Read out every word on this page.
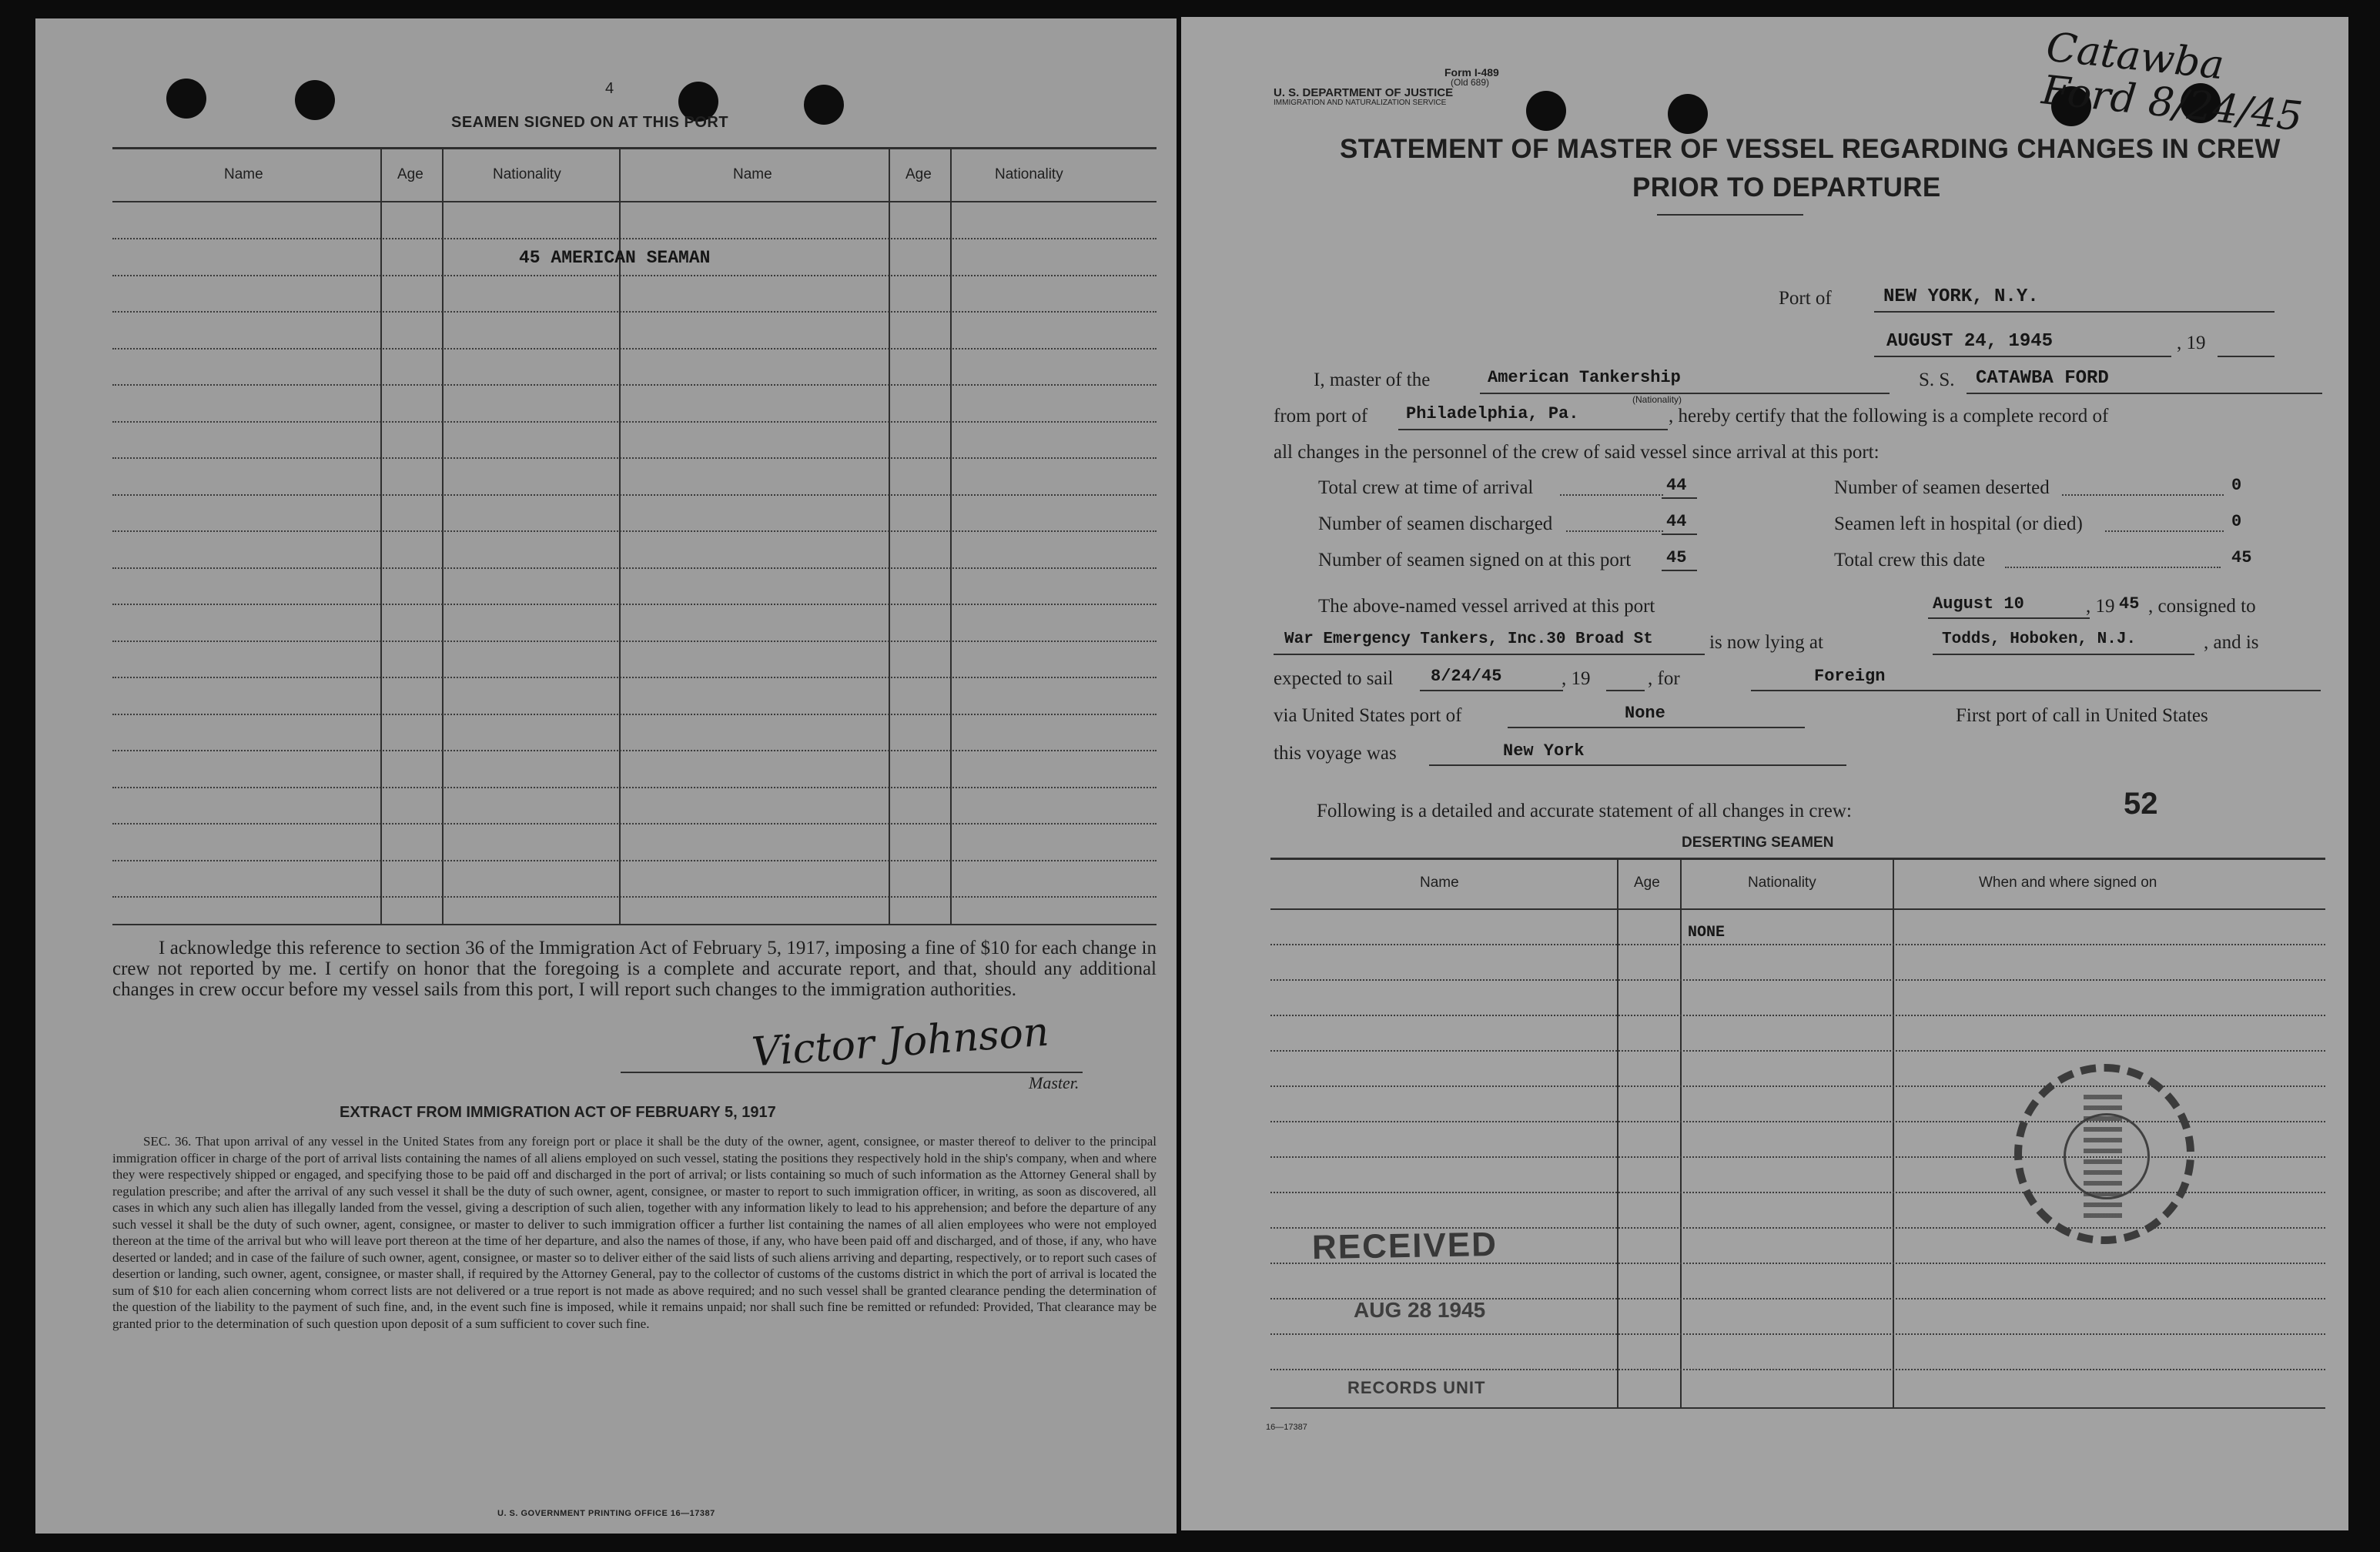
4
SEAMEN SIGNED ON AT THIS PORT
Name	Age	Nationality	Name	Age	Nationality
45 AMERICAN SEAMAN
I acknowledge this reference to section 36 of the Immigration Act of February 5, 1917, imposing a fine of $10 for each change in crew not reported by me. I certify on honor that the foregoing is a complete and accurate report, and that, should any additional changes in crew occur before my vessel sails from this port, I will report such changes to the immigration authorities.
Victor Johnson
Master.
EXTRACT FROM IMMIGRATION ACT OF FEBRUARY 5, 1917
SEC. 36. That upon arrival of any vessel in the United States from any foreign port or place it shall be the duty of the owner, agent, consignee, or master thereof to deliver to the principal immigration officer in charge of the port of arrival lists containing the names of all aliens employed on such vessel, stating the positions they respectively hold in the ship's company, when and where they were respectively shipped or engaged, and specifying those to be paid off and discharged in the port of arrival; or lists containing so much of such information as the Attorney General shall by regulation prescribe; and after the arrival of any such vessel it shall be the duty of such owner, agent, consignee, or master to report to such immigration officer, in writing, as soon as discovered, all cases in which any such alien has illegally landed from the vessel, giving a description of such alien, together with any information likely to lead to his apprehension; and before the departure of any such vessel it shall be the duty of such owner, agent, consignee, or master to deliver to such immigration officer a further list containing the names of all alien employees who were not employed thereon at the time of the arrival but who will leave port thereon at the time of her departure, and also the names of those, if any, who have been paid off and discharged, and of those, if any, who have deserted or landed; and in case of the failure of such owner, agent, consignee, or master so to deliver either of the said lists of such aliens arriving and departing, respectively, or to report such cases of desertion or landing, such owner, agent, consignee, or master shall, if required by the Attorney General, pay to the collector of customs of the customs district in which the port of arrival is located the sum of $10 for each alien concerning whom correct lists are not delivered or a true report is not made as above required; and no such vessel shall be granted clearance pending the determination of the question of the liability to the payment of such fine, and, in the event such fine is imposed, while it remains unpaid; nor shall such fine be remitted or refunded: Provided, That clearance may be granted prior to the determination of such question upon deposit of a sum sufficient to cover such fine.
U. S. GOVERNMENT PRINTING OFFICE 16—17387
Form I-489
(Old 689)
U. S. DEPARTMENT OF JUSTICE
IMMIGRATION AND NATURALIZATION SERVICE
Catawba Ford 8/24/45
STATEMENT OF MASTER OF VESSEL REGARDING CHANGES IN CREW
PRIOR TO DEPARTURE
Port of	NEW YORK, N.Y.
AUGUST 24, 1945	, 19
I, master of the	American Tankership
(Nationality)
S. S. CATAWBA FORD
from port of Philadelphia, Pa.	, hereby certify that the following is a complete record of
all changes in the personnel of the crew of said vessel since arrival at this port:
Total crew at time of arrival	44
Number of seamen discharged	44
Number of seamen signed on at this port 45
Number of seamen deserted	0
Seamen left in hospital (or died)	0
Total crew this date	45
The above-named vessel arrived at this port	August 10	, 19 45 , consigned to
War Emergency Tankers, Inc.30 Broad St	is now lying at	Todds, Hoboken, N.J.	, and is
expected to sail 8/24/45	, 19	, for	Foreign
via United States port of	None	First port of call in United States
this voyage was	New York
Following is a detailed and accurate statement of all changes in crew:	52
DESERTING SEAMEN
Name	Age	Nationality	When and where signed on
NONE
RECEIVED
AUG 28 1945
RECORDS UNIT
16—17387
